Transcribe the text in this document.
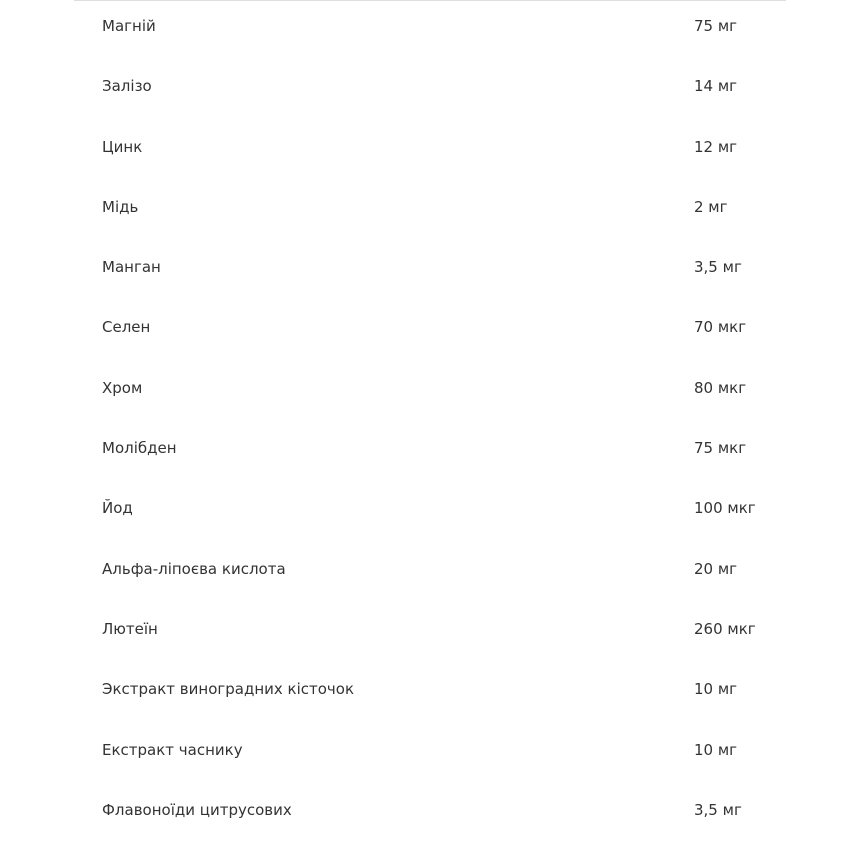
Магній	75 мг
Залізо	14 мг
Цинк	12 мг
Мідь	2 мг
Манган	3,5 мг
Селен	70 мкг
Хром	80 мкг
Молібден	75 мкг
Йод	100 мкг
Альфа-ліпоєва кислота	20 мг
Лютеїн	260 мкг
Экстракт виноградних кісточок	10 мг
Екстракт часнику	10 мг
Флавоноїди цитрусових	3,5 мг
